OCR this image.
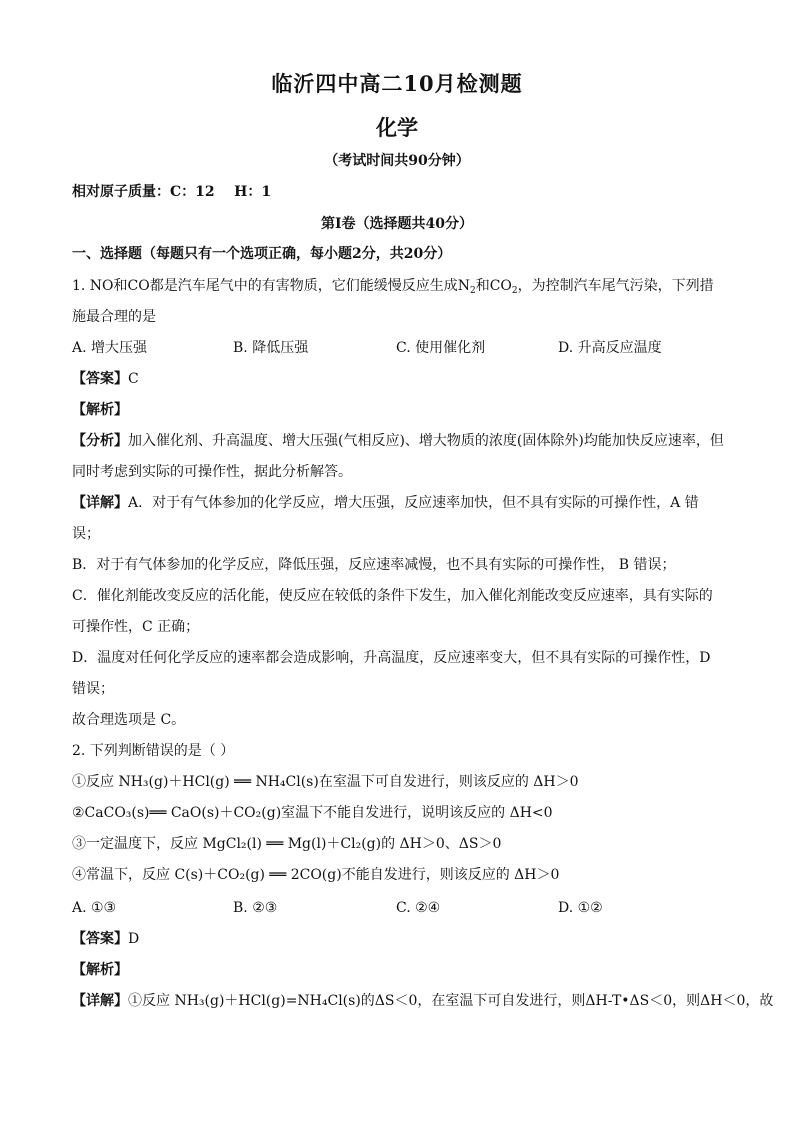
临沂四中高二10月检测题
化学
（考试时间共90分钟）
相对原子质量：C：12    H：1
第Ⅰ卷（选择题共40分）
一、选择题（每题只有一个选项正确，每小题2分，共20分）
1. NO和CO都是汽车尾气中的有害物质，它们能缓慢反应生成$N_2$和$CO_2$，为控制汽车尾气污染，下列措
施最合理的是
A. 增大压强	B. 降低压强	C. 使用催化剂	D. 升高反应温度
【答案】C
【解析】
【分析】加入催化剂、升高温度、增大压强(气相反应)、增大物质的浓度(固体除外)均能加快反应速率，但
同时考虑到实际的可操作性，据此分析解答。
【详解】A．对于有气体参加的化学反应，增大压强，反应速率加快，但不具有实际的可操作性，A 错
误；
B．对于有气体参加的化学反应，降低压强，反应速率减慢，也不具有实际的可操作性， B 错误；
C．催化剂能改变反应的活化能，使反应在较低的条件下发生，加入催化剂能改变反应速率，具有实际的
可操作性，C 正确；
D．温度对任何化学反应的速率都会造成影响，升高温度，反应速率变大，但不具有实际的可操作性，D
错误；
故合理选项是 C。
2. 下列判断错误的是（ ）
①反应 NH₃(g)＋HCl(g) ══ NH₄Cl(s)在室温下可自发进行，则该反应的 ΔH＞0
②CaCO₃(s)══ CaO(s)＋CO₂(g)室温下不能自发进行，说明该反应的 ΔH<0
③一定温度下，反应 MgCl₂(l) ══ Mg(l)＋Cl₂(g)的 ΔH＞0、ΔS＞0
④常温下，反应 C(s)＋CO₂(g) ══ 2CO(g)不能自发进行，则该反应的 ΔH＞0
A. ①③	B. ②③	C. ②④	D. ①②
【答案】D
【解析】
【详解】①反应 NH₃(g)＋HCl(g)=NH₄Cl(s)的ΔS＜0，在室温下可自发进行，则ΔH-T•ΔS＜0，则ΔH＜0，故
